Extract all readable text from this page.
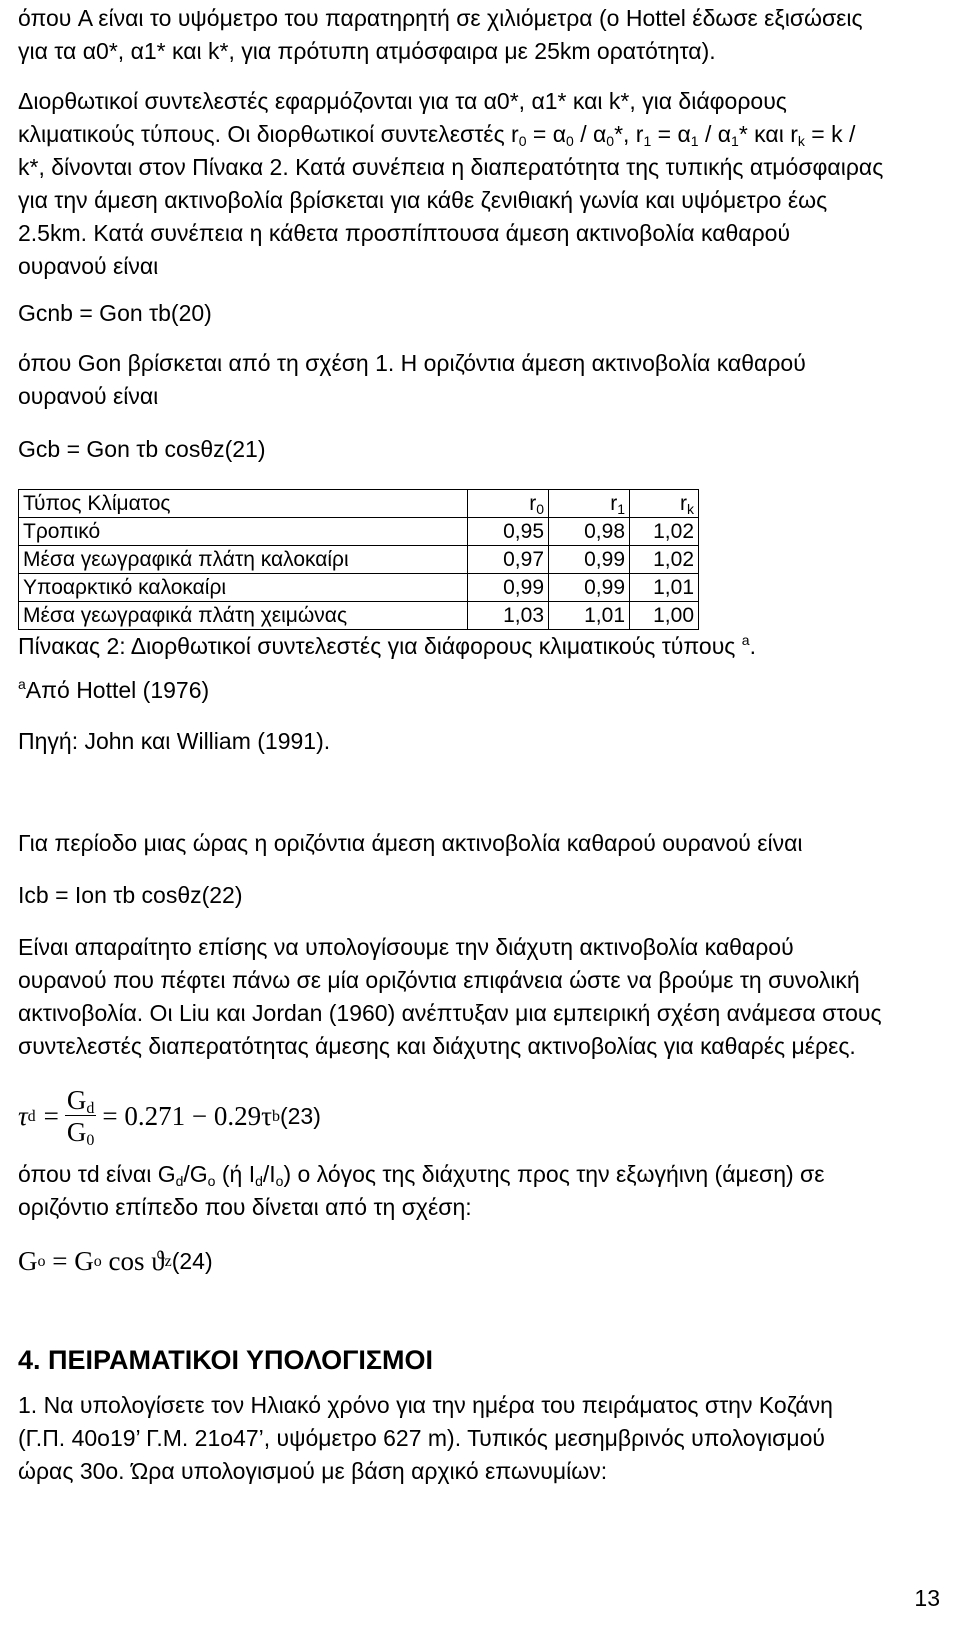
όπου A είναι το υψόμετρο του παρατηρητή σε χιλιόμετρα (ο Hottel έδωσε εξισώσεις

για τα α0*, α1* και k*, για πρότυπη ατμόσφαιρα με 25km ορατότητα).

Διορθωτικοί συντελεστές εφαρμόζονται για τα α0*, α1* και k*, για διάφορους

κλιματικούς τύπους. Οι διορθωτικοί συντελεστές $r_0 = \alpha_0 / \alpha_0*$, $r_1 = \alpha_1 / \alpha_1*$ και $r_k = k$ /

k*, δίνονται στον Πίνακα 2. Κατά συνέπεια η διαπερατότητα της τυπικής ατμόσφαιρας

για την άμεση ακτινοβολία βρίσκεται για κάθε ζενιθιακή γωνία και υψόμετρο έως

2.5km. Κατά συνέπεια η κάθετα προσπίπτουσα άμεση ακτινοβολία καθαρού

ουρανού είναι

Gcnb = Gon τb(20)

όπου Gon βρίσκεται από τη σχέση 1. Η οριζόντια άμεση ακτινοβολία καθαρού

ουρανού είναι

Gcb = Gon τb cosθz(21)

Τύπος Κλίματος	$r_0$	$r_1$	$r_k$
Τροπικό	0,95	0,98	1,02
Μέσα γεωγραφικά πλάτη καλοκαίρι	0,97	0,99	1,02
Υποαρκτικό καλοκαίρι	0,99	0,99	1,01
Μέσα γεωγραφικά πλάτη χειμώνας	1,03	1,01	1,00

Πίνακας 2: Διορθωτικοί συντελεστές για διάφορους κλιματικούς τύπους $^a$.

$^a$Από Hottel (1976)

Πηγή: John και William (1991).

Για περίοδο μιας ώρας η οριζόντια άμεση ακτινοβολία καθαρού ουρανού είναι

Icb = Ion τb cosθz(22)

Είναι απαραίτητο επίσης να υπολογίσουμε την διάχυτη ακτινοβολία καθαρού

ουρανού που πέφτει πάνω σε μία οριζόντια επιφάνεια ώστε να βρούμε τη συνολική

ακτινοβολία. Οι Liu και Jordan (1960) ανέπτυξαν μια εμπειρική σχέση ανάμεσα στους

συντελεστές διαπερατότητας άμεσης και διάχυτης ακτινοβολίας για καθαρές μέρες.

τ $d = \frac{G_d}{G_0} = 0.271 - 0.29\tau$ b (23)

όπου τd είναι $G_d/G_o$ (ή $I_d/I_o$) ο λόγος της διάχυτης προς την εξωγήινη (άμεση) σε

οριζόντιο επίπεδο που δίνεται από τη σχέση:

G o = G o cos ϑ z (24)
4. ΠΕΙΡΑΜΑΤΙΚΟΙ ΥΠΟΛΟΓΙΣΜΟΙ

1. Να υπολογίσετε τον Ηλιακό χρόνο για την ημέρα του πειράματος στην Κοζάνη

(Γ.Π. 40ο19’ Γ.Μ. 21ο47’, υψόμετρο 627 m). Τυπικός μεσημβρινός υπολογισμού

ώρας 30ο. Ώρα υπολογισμού με βάση αρχικό επωνυμίων:

13
